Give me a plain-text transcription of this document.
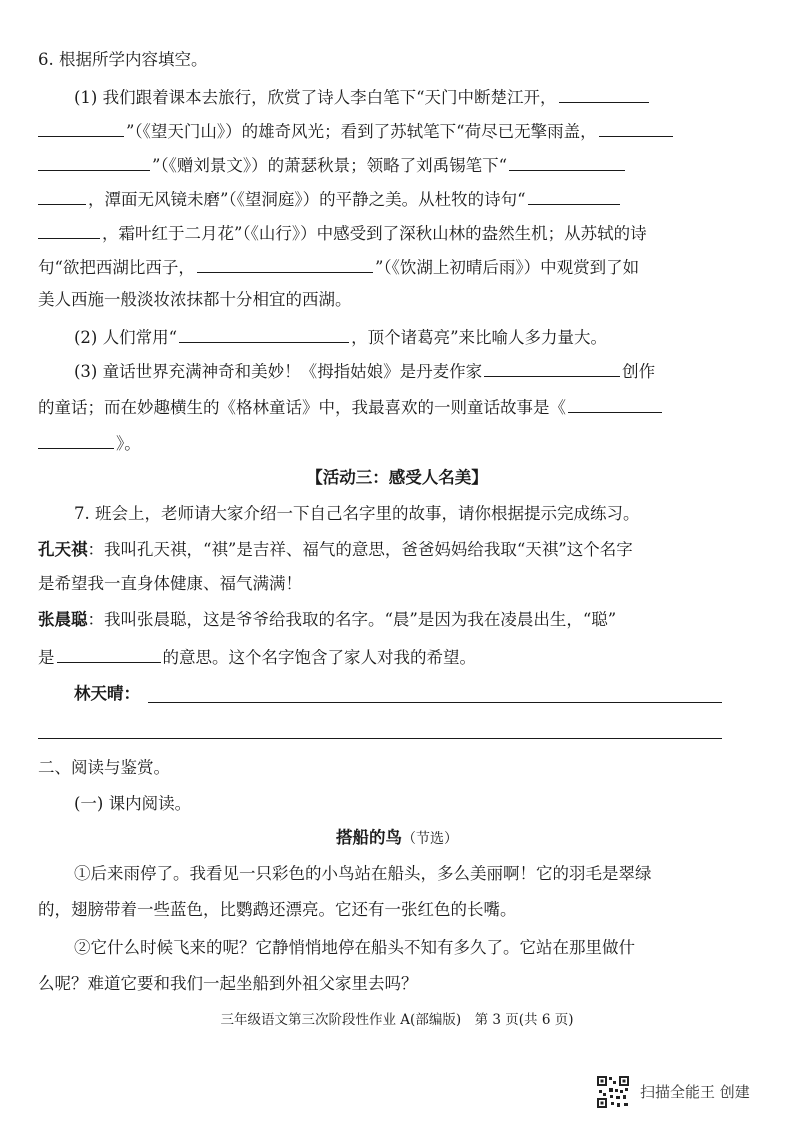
6. 根据所学内容填空。
(1) 我们跟着课本去旅行，欣赏了诗人李白笔下“天门中断楚江开，
”（《望天门山》）的雄奇风光；看到了苏轼笔下“荷尽已无擎雨盖，
”（《赠刘景文》）的萧瑟秋景；领略了刘禹锡笔下“
，潭面无风镜未磨”（《望洞庭》）的平静之美。从杜牧的诗句“
，霜叶红于二月花”（《山行》）中感受到了深秋山林的盎然生机；从苏轼的诗
句“欲把西湖比西子，	”（《饮湖上初晴后雨》）中观赏到了如
美人西施一般淡妆浓抹都十分相宜的西湖。
(2) 人们常用“	，顶个诸葛亮”来比喻人多力量大。
(3) 童话世界充满神奇和美妙！《拇指姑娘》是丹麦作家	创作
的童话；而在妙趣横生的《格林童话》中，我最喜欢的一则童话故事是《
》。
【活动三：感受人名美】
7. 班会上，老师请大家介绍一下自己名字里的故事，请你根据提示完成练习。
孔天祺：我叫孔天祺，“祺”是吉祥、福气的意思，爸爸妈妈给我取“天祺”这个名字
是希望我一直身体健康、福气满满！
张晨聪：我叫张晨聪，这是爷爷给我取的名字。“晨”是因为我在凌晨出生，“聪”
是	的意思。这个名字饱含了家人对我的希望。
林天晴：
二、阅读与鉴赏。
(一) 课内阅读。
搭船的鸟（节选）
①后来雨停了。我看见一只彩色的小鸟站在船头，多么美丽啊！它的羽毛是翠绿
的，翅膀带着一些蓝色，比鹦鹉还漂亮。它还有一张红色的长嘴。
②它什么时候飞来的呢？它静悄悄地停在船头不知有多久了。它站在那里做什
么呢？难道它要和我们一起坐船到外祖父家里去吗？
三年级语文第三次阶段性作业 A(部编版)　第 3 页(共 6 页)
扫描全能王 创建
